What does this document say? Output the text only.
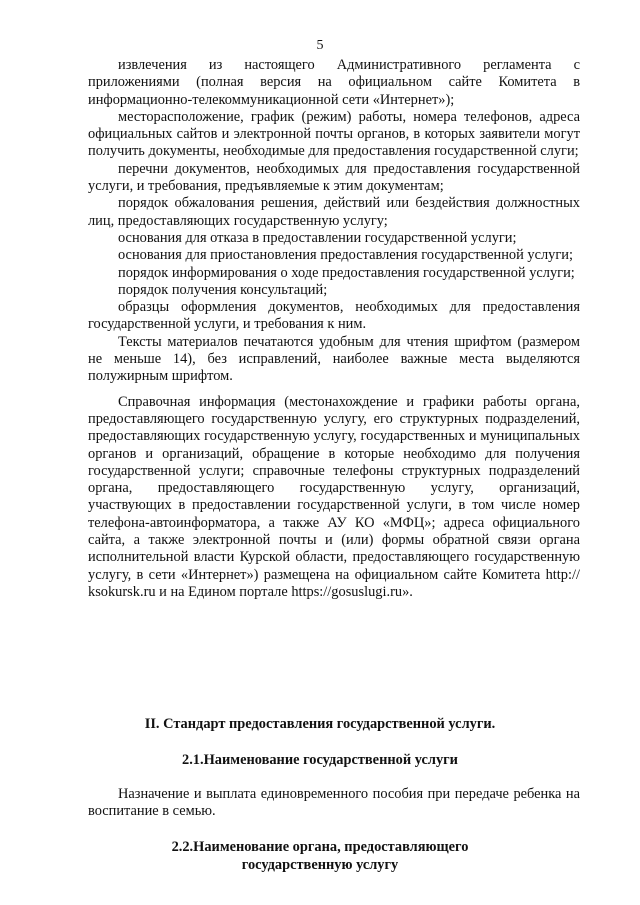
5

извлечения из настоящего Административного регламента с приложениями (полная версия на официальном сайте Комитета в информационно-телекоммуникационной сети «Интернет»);

месторасположение, график (режим) работы, номера телефонов, адреса официальных сайтов и электронной почты органов, в которых заявители могут получить документы, необходимые для предоставления государственной слуги;

перечни документов, необходимых для предоставления государственной услуги, и требования, предъявляемые к этим документам;

порядок обжалования решения, действий или бездействия должностных лиц, предоставляющих государственную услугу;

основания для отказа в предоставлении государственной услуги;

основания для приостановления предоставления государственной услуги;

порядок информирования о ходе предоставления государственной услуги;

порядок получения консультаций;

образцы оформления документов, необходимых для предоставления государственной услуги, и требования к ним.

Тексты материалов печатаются удобным для чтения шрифтом (размером не меньше 14), без исправлений, наиболее важные места выделяются полужирным шрифтом.

Справочная информация (местонахождение и графики работы органа, предоставляющего государственную услугу, его структурных подразделений, предоставляющих государственную услугу, государственных и муниципальных органов и организаций, обращение в которые необходимо для получения государственной услуги; справочные телефоны структурных подразделений органа, предоставляющего государственную услугу, организаций, участвующих в предоставлении государственной услуги, в том числе номер телефона-автоинформатора, а также АУ КО «МФЦ»; адреса официального сайта, а также электронной почты и (или) формы обратной связи органа исполнительной власти Курской области, предоставляющего государственную услугу, в сети «Интернет») размещена на официальном сайте Комитета http:// ksokursk.ru и на Едином портале https://gosuslugi.ru».

II. Стандарт предоставления государственной услуги.
2.1.Наименование государственной услуги

Назначение и выплата единовременного пособия при передаче ребенка на воспитание в семью.

2.2.Наименование органа, предоставляющего
государственную услугу
